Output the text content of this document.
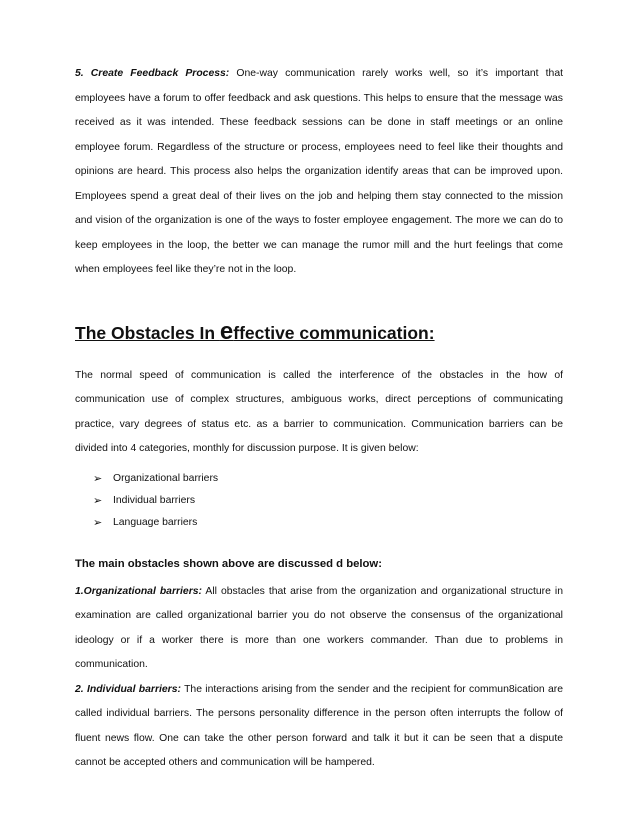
5. Create Feedback Process: One-way communication rarely works well, so it’s important that employees have a forum to offer feedback and ask questions. This helps to ensure that the message was received as it was intended. These feedback sessions can be done in staff meetings or an online employee forum. Regardless of the structure or process, employees need to feel like their thoughts and opinions are heard. This process also helps the organization identify areas that can be improved upon. Employees spend a great deal of their lives on the job and helping them stay connected to the mission and vision of the organization is one of the ways to foster employee engagement. The more we can do to keep employees in the loop, the better we can manage the rumor mill and the hurt feelings that come when employees feel like they’re not in the loop.

The Obstacles In effective communication:

The normal speed of communication is called the interference of the obstacles in the how of communication use of complex structures, ambiguous works, direct perceptions of communicating practice, vary degrees of status etc. as a barrier to communication. Communication barriers can be divided into 4 categories, monthly for discussion purpose. It is given below:

➢	Organizational barriers
➢	Individual barriers
➢	Language barriers
The main obstacles shown above are discussed d below:

1.Organizational barriers: All obstacles that arise from the organization and organizational structure in examination are called organizational barrier you do not observe the consensus of the organizational ideology or if a worker there is more than one workers commander. Than due to problems in communication.

2. Individual barriers: The interactions arising from the sender and the recipient for commun8ication are called individual barriers. The persons personality difference in the person often interrupts the follow of fluent news flow. One can take the other person forward and talk it but it can be seen that a dispute cannot be accepted others and communication will be hampered.
